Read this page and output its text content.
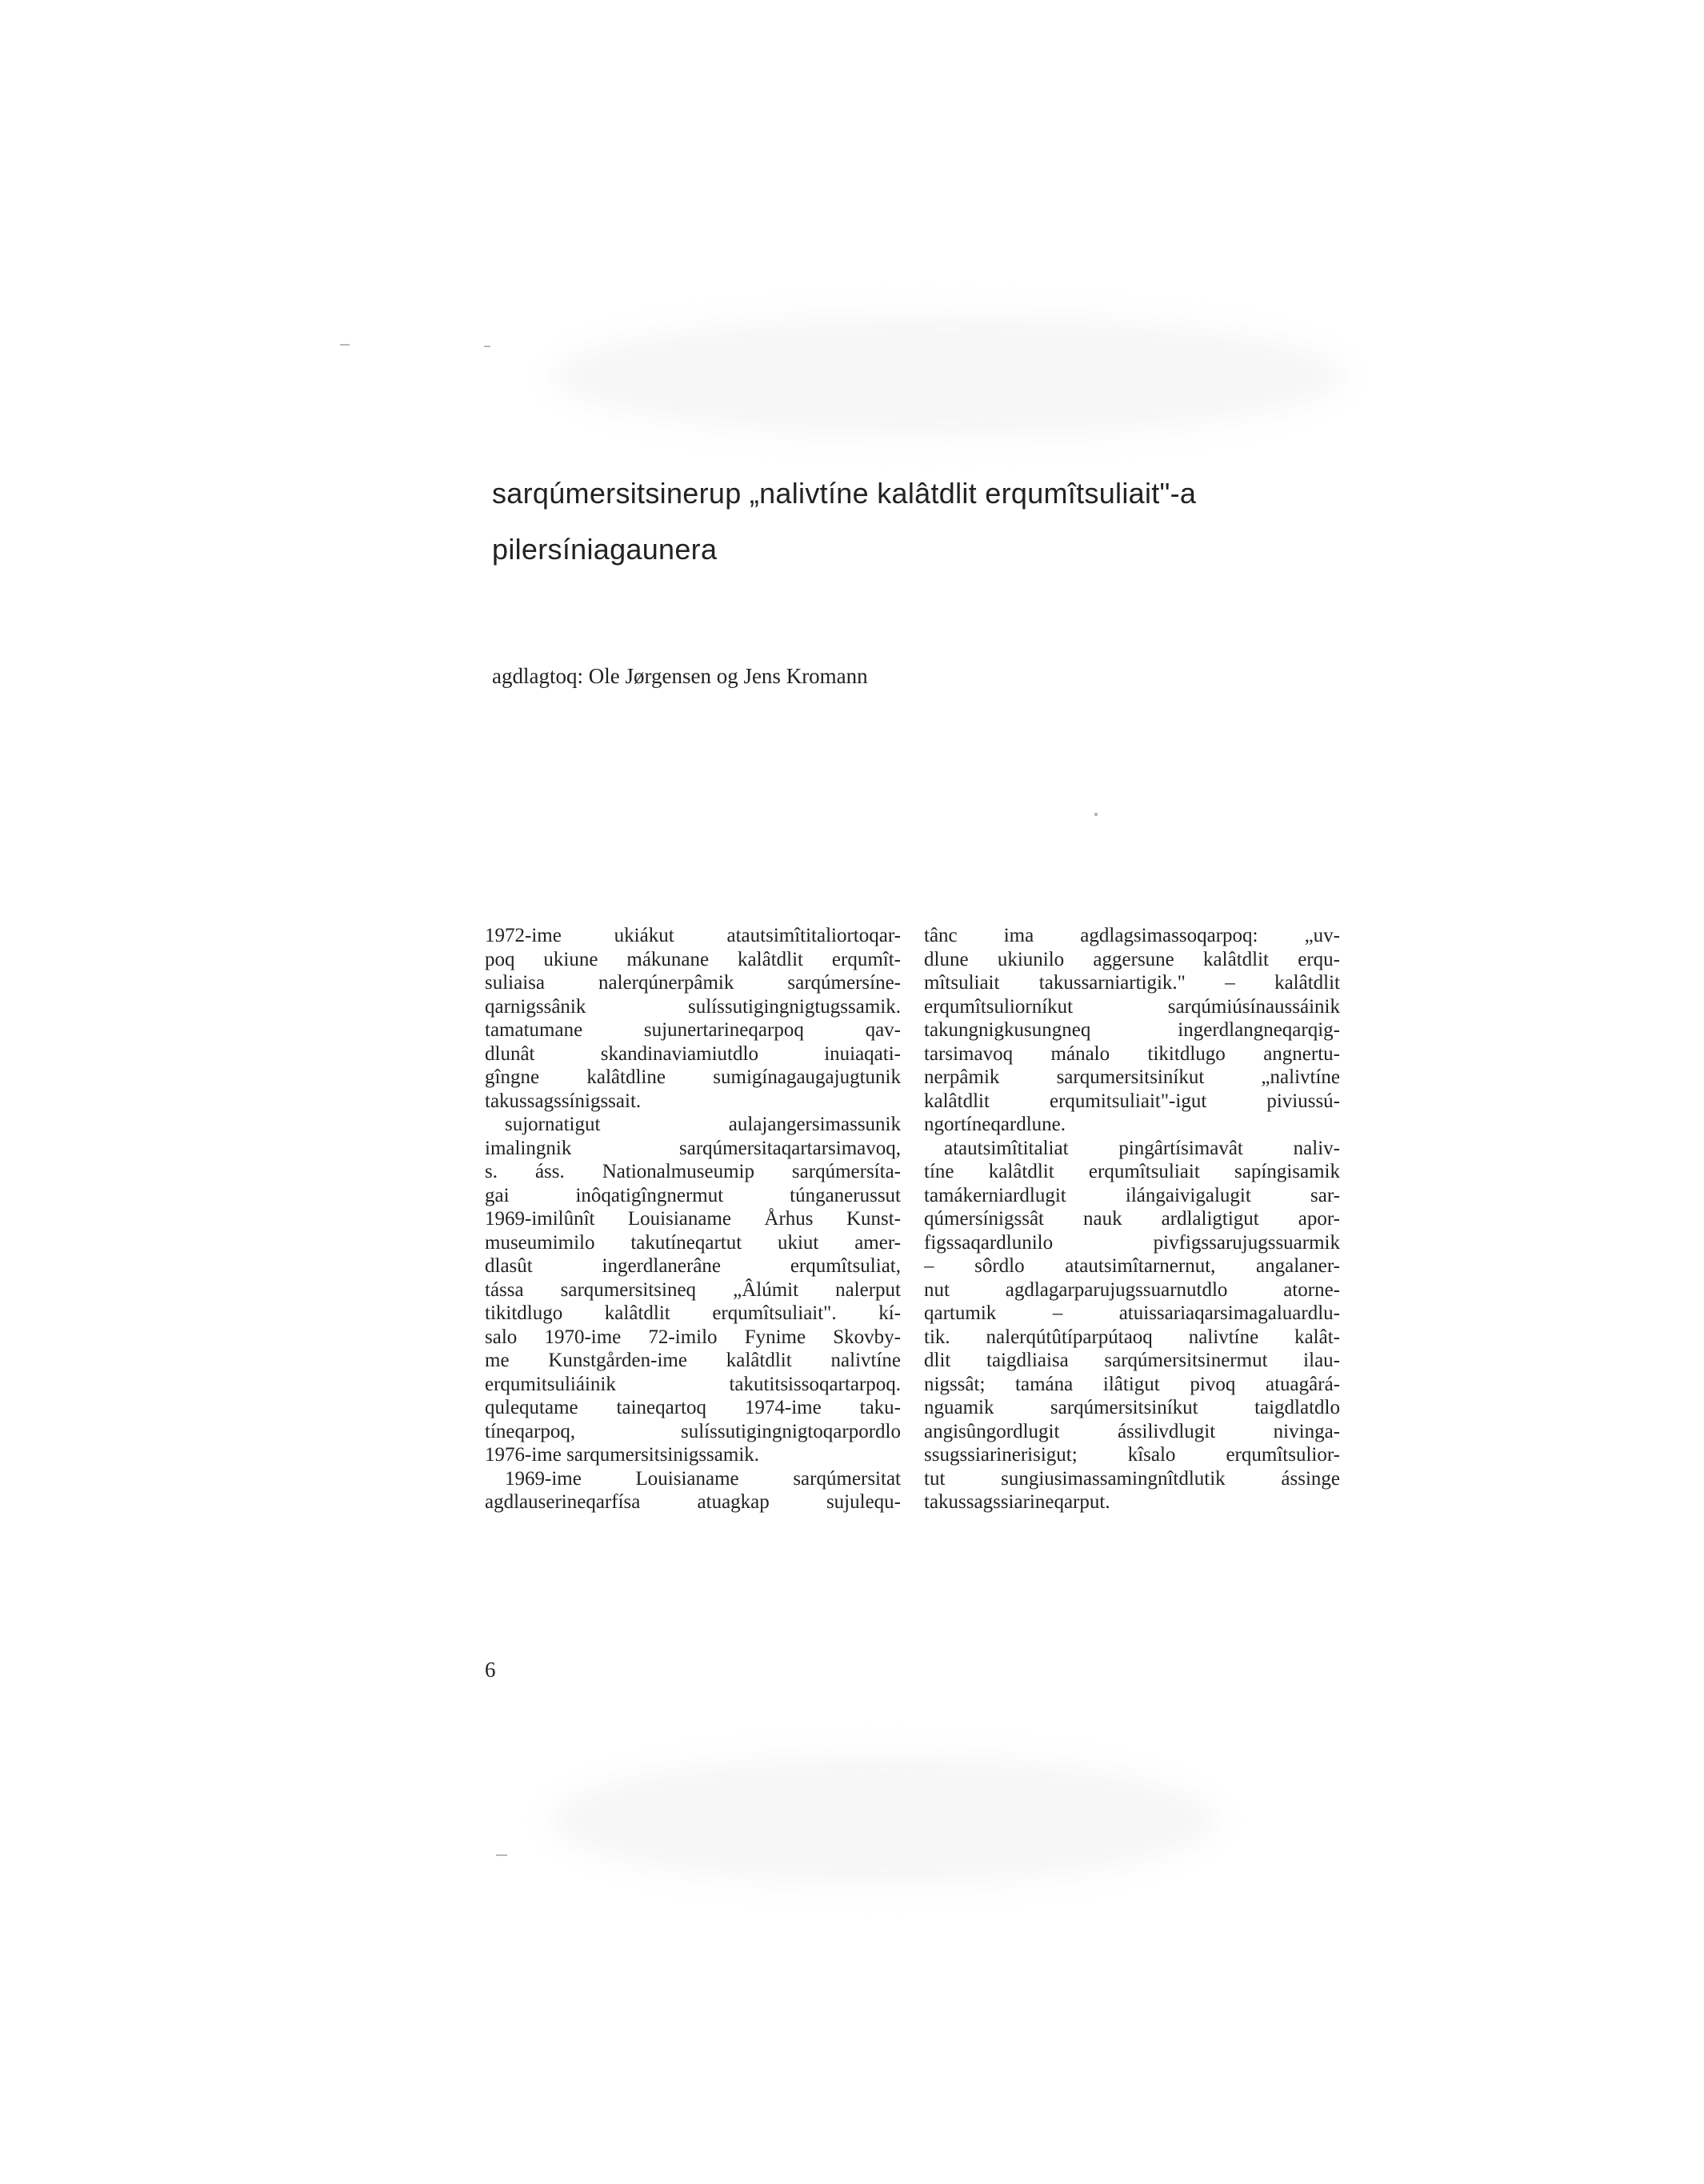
sarqúmersitsinerup „nalivtíne kalâtdlit erqumîtsuliait"-a
pilersíniagaunera

agdlagtoq: Ole Jørgensen og Jens Kromann

1972-ime ukiákut atautsimîtitaliortoqar-
poq ukiune mákunane kalâtdlit erqumît-
suliaisa nalerqúnerpâmik sarqúmersíne-
qarnigssânik sulíssutigingnigtugssamik.
tamatumane sujunertarineqarpoq qav-
dlunât skandinaviamiutdlo inuiaqati-
gîngne kalâtdline sumigínagaugajugtunik
takussagssínigssait.
sujornatigut aulajangersimassunik
imalingnik sarqúmersitaqartarsimavoq,
s. áss. Nationalmuseumip sarqúmersíta-
gai inôqatigîngnermut túnganerussut
1969-imilûnît Louisianame Århus Kunst-
museumimilo takutíneqartut ukiut amer-
dlasût ingerdlanerâne erqumîtsuliat,
tássa sarqumersitsineq „Âlúmit nalerput
tikitdlugo kalâtdlit erqumîtsuliait". kí-
salo 1970-ime 72-imilo Fynime Skovby-
me Kunstgården-ime kalâtdlit nalivtíne
erqumitsuliáinik takutitsissoqartarpoq.
qulequtame taineqartoq 1974-ime taku-
tíneqarpoq, sulíssutigingnigtoqarpordlo
1976-ime sarqumersitsinigssamik.
1969-ime Louisianame sarqúmersitat
agdlauserineqarfísa atuagkap sujulequ-
tânc ima agdlagsimassoqarpoq: „uv-
dlune ukiunilo aggersune kalâtdlit erqu-
mîtsuliait takussarniartigik." – kalâtdlit
erqumîtsuliorníkut sarqúmiúsínaussáinik
takungnigkusungneq ingerdlangneqarqig-
tarsimavoq mánalo tikitdlugo angnertu-
nerpâmik sarqumersitsiníkut „nalivtíne
kalâtdlit erqumitsuliait"-igut piviussú-
ngortíneqardlune.
atautsimîtitaliat pingârtísimavât naliv-
tíne kalâtdlit erqumîtsuliait sapíngisamik
tamákerniardlugit ilángaivigalugit sar-
qúmersínigssât nauk ardlaligtigut apor-
figssaqardlunilo pivfigssarujugssuarmik
– sôrdlo atautsimîtarnernut, angalaner-
nut agdlagarparujugssuarnutdlo atorne-
qartumik – atuissariaqarsimagaluardlu-
tik. nalerqútûtíparpútaoq nalivtíne kalât-
dlit taigdliaisa sarqúmersitsinermut ilau-
nigssât; tamána ilâtigut pivoq atuagârá-
nguamik sarqúmersitsiníkut taigdlatdlo
angisûngordlugit ássilivdlugit nivinga-
ssugssiarinerisigut; kîsalo erqumîtsulior-
tut sungiusimassamingnîtdlutik ássinge
takussagssiarineqarput.
6
